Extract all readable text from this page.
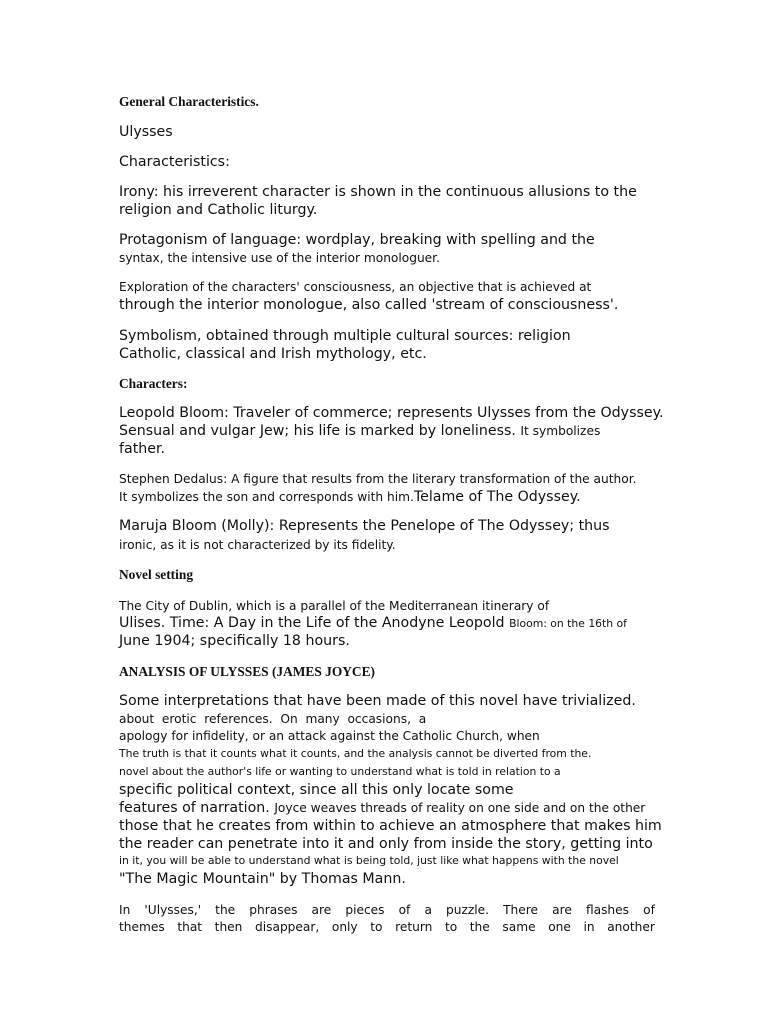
General Characteristics.
Ulysses
Characteristics:
Irony: his irreverent character is shown in the continuous allusions to the
religion and Catholic liturgy.
Protagonism of language: wordplay, breaking with spelling and the
syntax, the intensive use of the interior monologuer.
Exploration of the characters' consciousness, an objective that is achieved at
through the interior monologue, also called 'stream of consciousness'.
Symbolism, obtained through multiple cultural sources: religion
Catholic, classical and Irish mythology, etc.
Characters:
Leopold Bloom: Traveler of commerce; represents Ulysses from the Odyssey.
Sensual and vulgar Jew; his life is marked by loneliness. It symbolizes
father.
Stephen Dedalus: A figure that results from the literary transformation of the author.
It symbolizes the son and corresponds with him.Telame of The Odyssey.
Maruja Bloom (Molly): Represents the Penelope of The Odyssey; thus
ironic, as it is not characterized by its fidelity.
Novel setting
The City of Dublin, which is a parallel of the Mediterranean itinerary of
Ulises. Time: A Day in the Life of the Anodyne Leopold Bloom: on the 16th of
June 1904; specifically 18 hours.
ANALYSIS OF ULYSSES (JAMES JOYCE)
Some interpretations that have been made of this novel have trivialized.
about  erotic  references.  On  many  occasions,  a
apology for infidelity, or an attack against the Catholic Church, when
The truth is that it counts what it counts, and the analysis cannot be diverted from the.
novel about the author's life or wanting to understand what is told in relation to a
specific political context, since all this only locate some
features of narration. Joyce weaves threads of reality on one side and on the other
those that he creates from within to achieve an atmosphere that makes him
the reader can penetrate into it and only from inside the story, getting into
in it, you will be able to understand what is being told, just like what happens with the novel
"The Magic Mountain" by Thomas Mann.
In 'Ulysses,' the phrases are pieces of a puzzle. There are flashes of
themes that then disappear, only to return to the same one in another
